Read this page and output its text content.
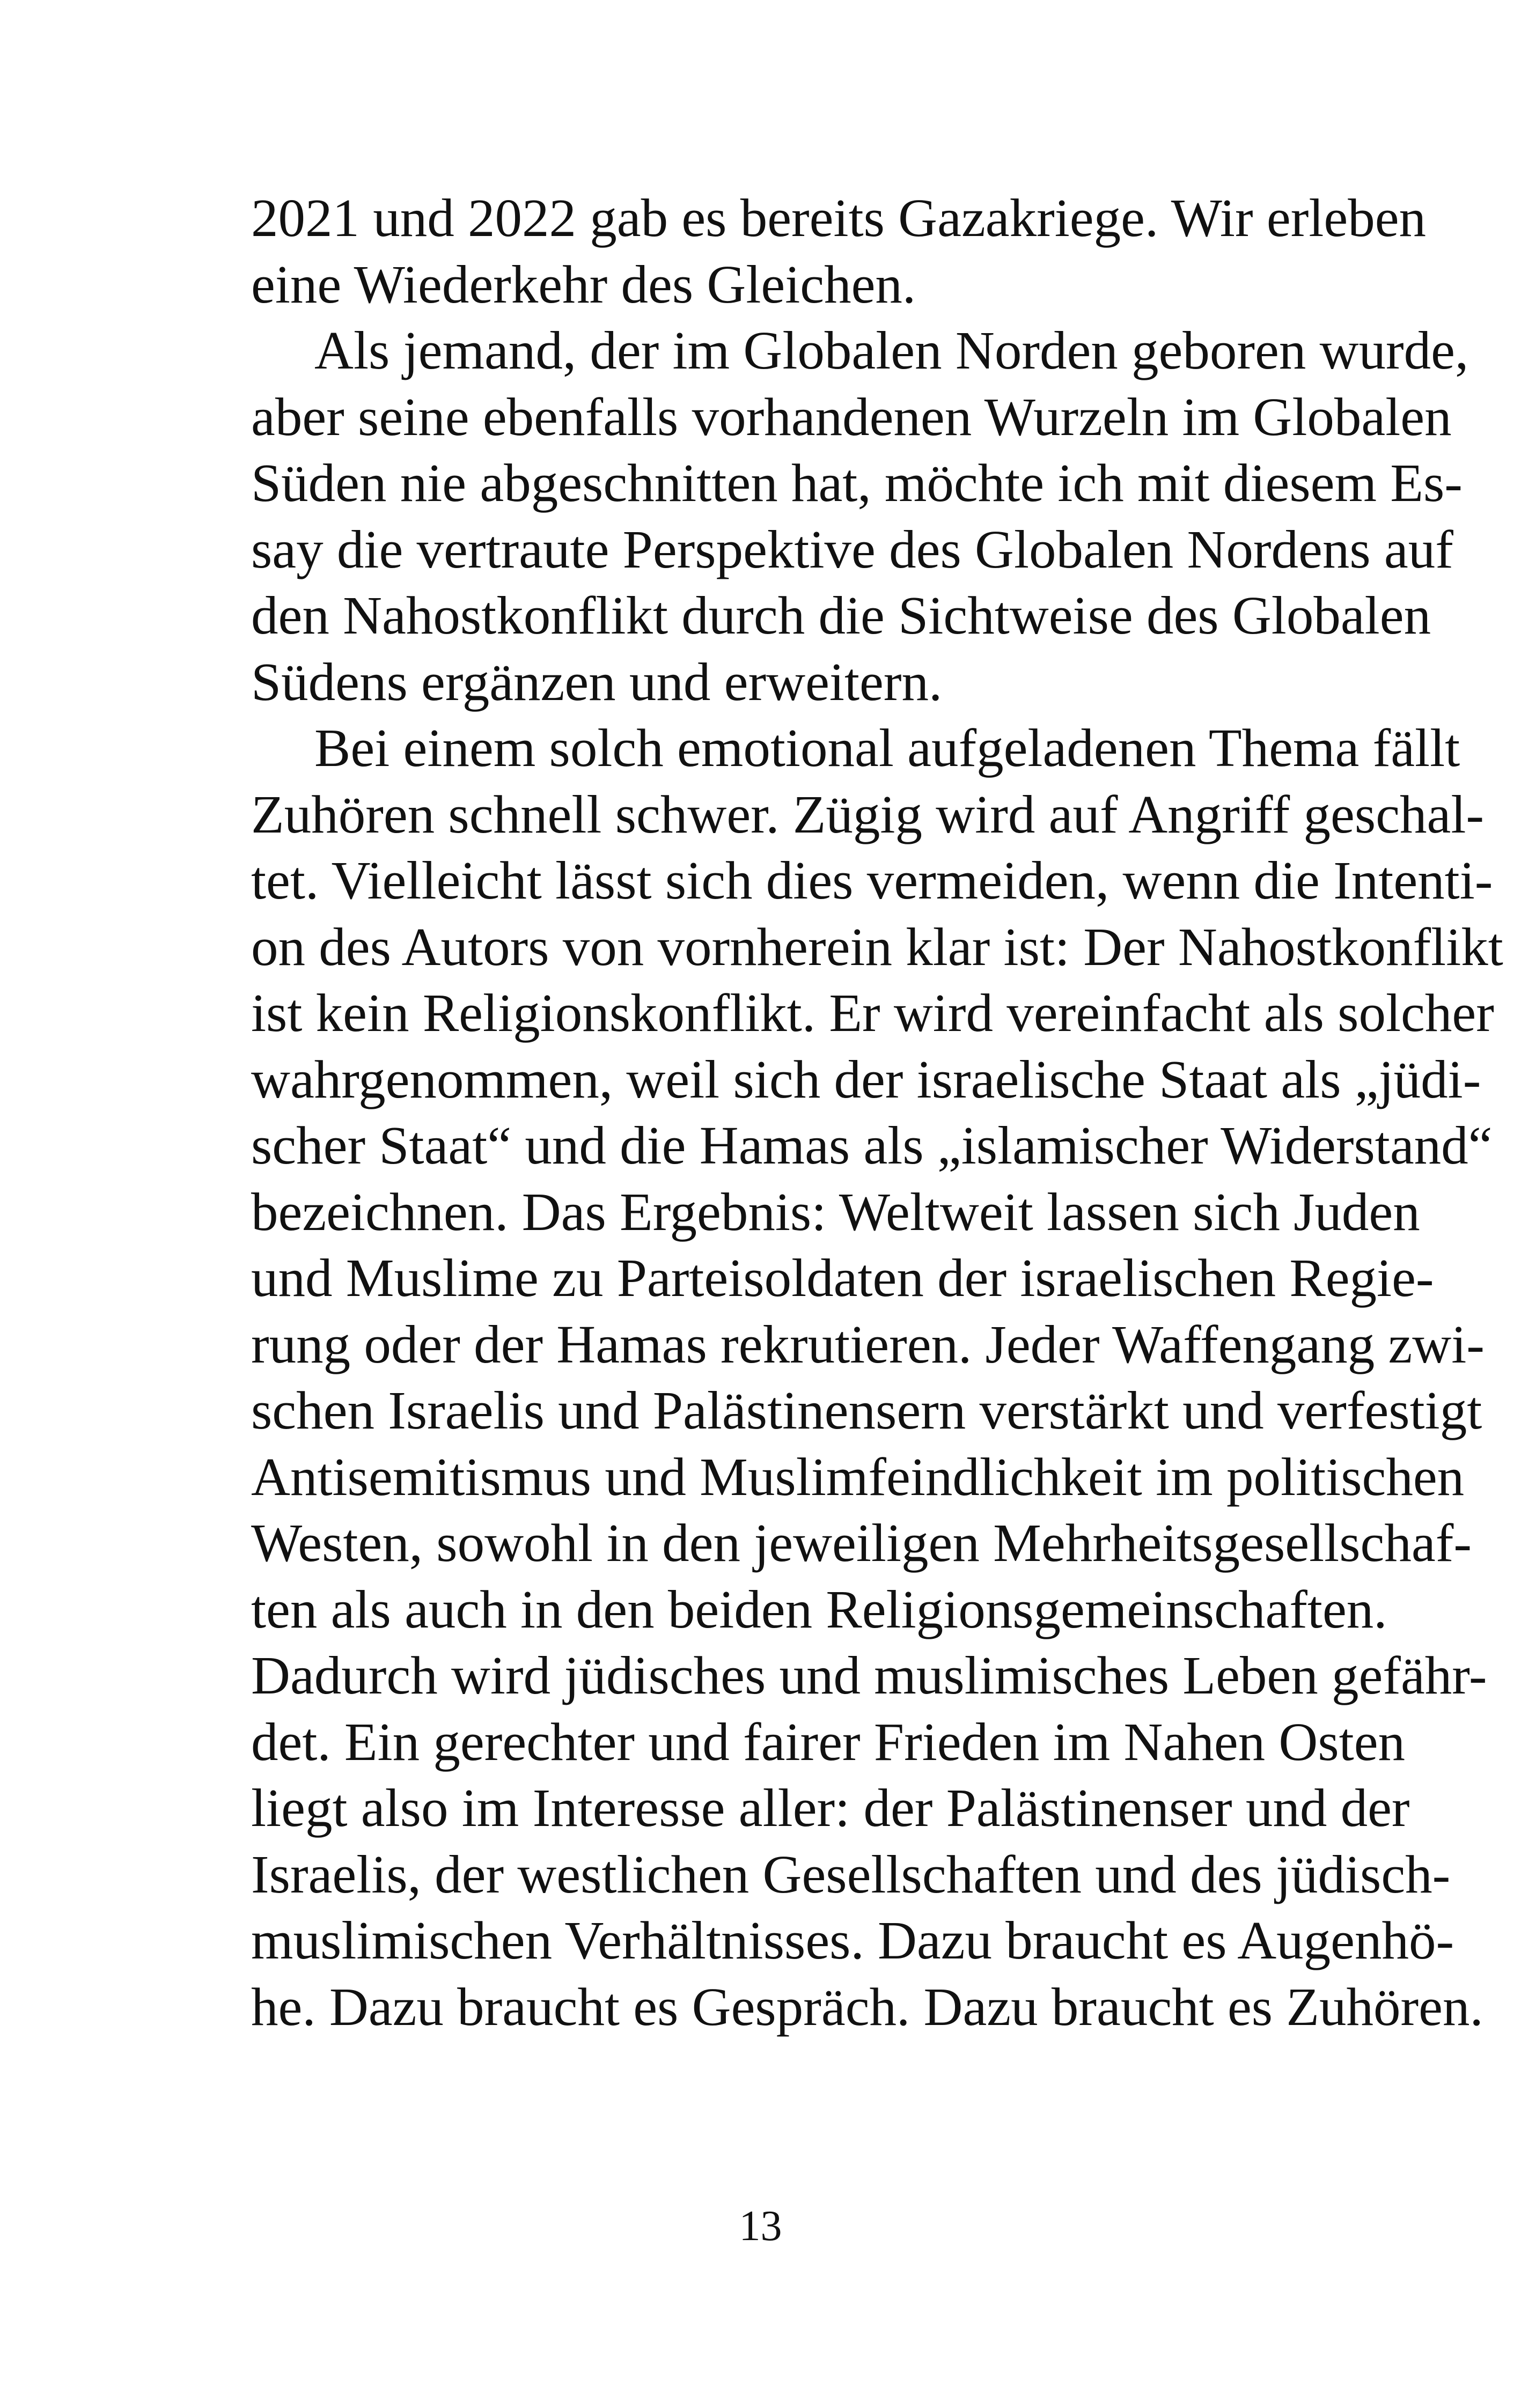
2021 und 2022 gab es bereits Gazakriege. Wir erleben
eine Wiederkehr des Gleichen.
Als jemand, der im Globalen Norden geboren wurde,
aber seine ebenfalls vorhandenen Wurzeln im Globalen
Süden nie abgeschnitten hat, möchte ich mit diesem Es-
say die vertraute Perspektive des Globalen Nordens auf
den Nahostkonflikt durch die Sichtweise des Globalen
Südens ergänzen und erweitern.
Bei einem solch emotional aufgeladenen Thema fällt
Zuhören schnell schwer. Zügig wird auf Angriff geschal-
tet. Vielleicht lässt sich dies vermeiden, wenn die Intenti-
on des Autors von vornherein klar ist: Der Nahostkonflikt
ist kein Religionskonflikt. Er wird vereinfacht als solcher
wahrgenommen, weil sich der israelische Staat als „jüdi-
scher Staat“ und die Hamas als „islamischer Widerstand“
bezeichnen. Das Ergebnis: Weltweit lassen sich Juden
und Muslime zu Parteisoldaten der israelischen Regie-
rung oder der Hamas rekrutieren. Jeder Waffengang zwi-
schen Israelis und Palästinensern verstärkt und verfestigt
Antisemitismus und Muslimfeindlichkeit im politischen
Westen, sowohl in den jeweiligen Mehrheitsgesellschaf-
ten als auch in den beiden Religionsgemeinschaften.
Dadurch wird jüdisches und muslimisches Leben gefähr-
det. Ein gerechter und fairer Frieden im Nahen Osten
liegt also im Interesse aller: der Palästinenser und der
Israelis, der westlichen Gesellschaften und des jüdisch-
muslimischen Verhältnisses. Dazu braucht es Augenhö-
he. Dazu braucht es Gespräch. Dazu braucht es Zuhören.
13
